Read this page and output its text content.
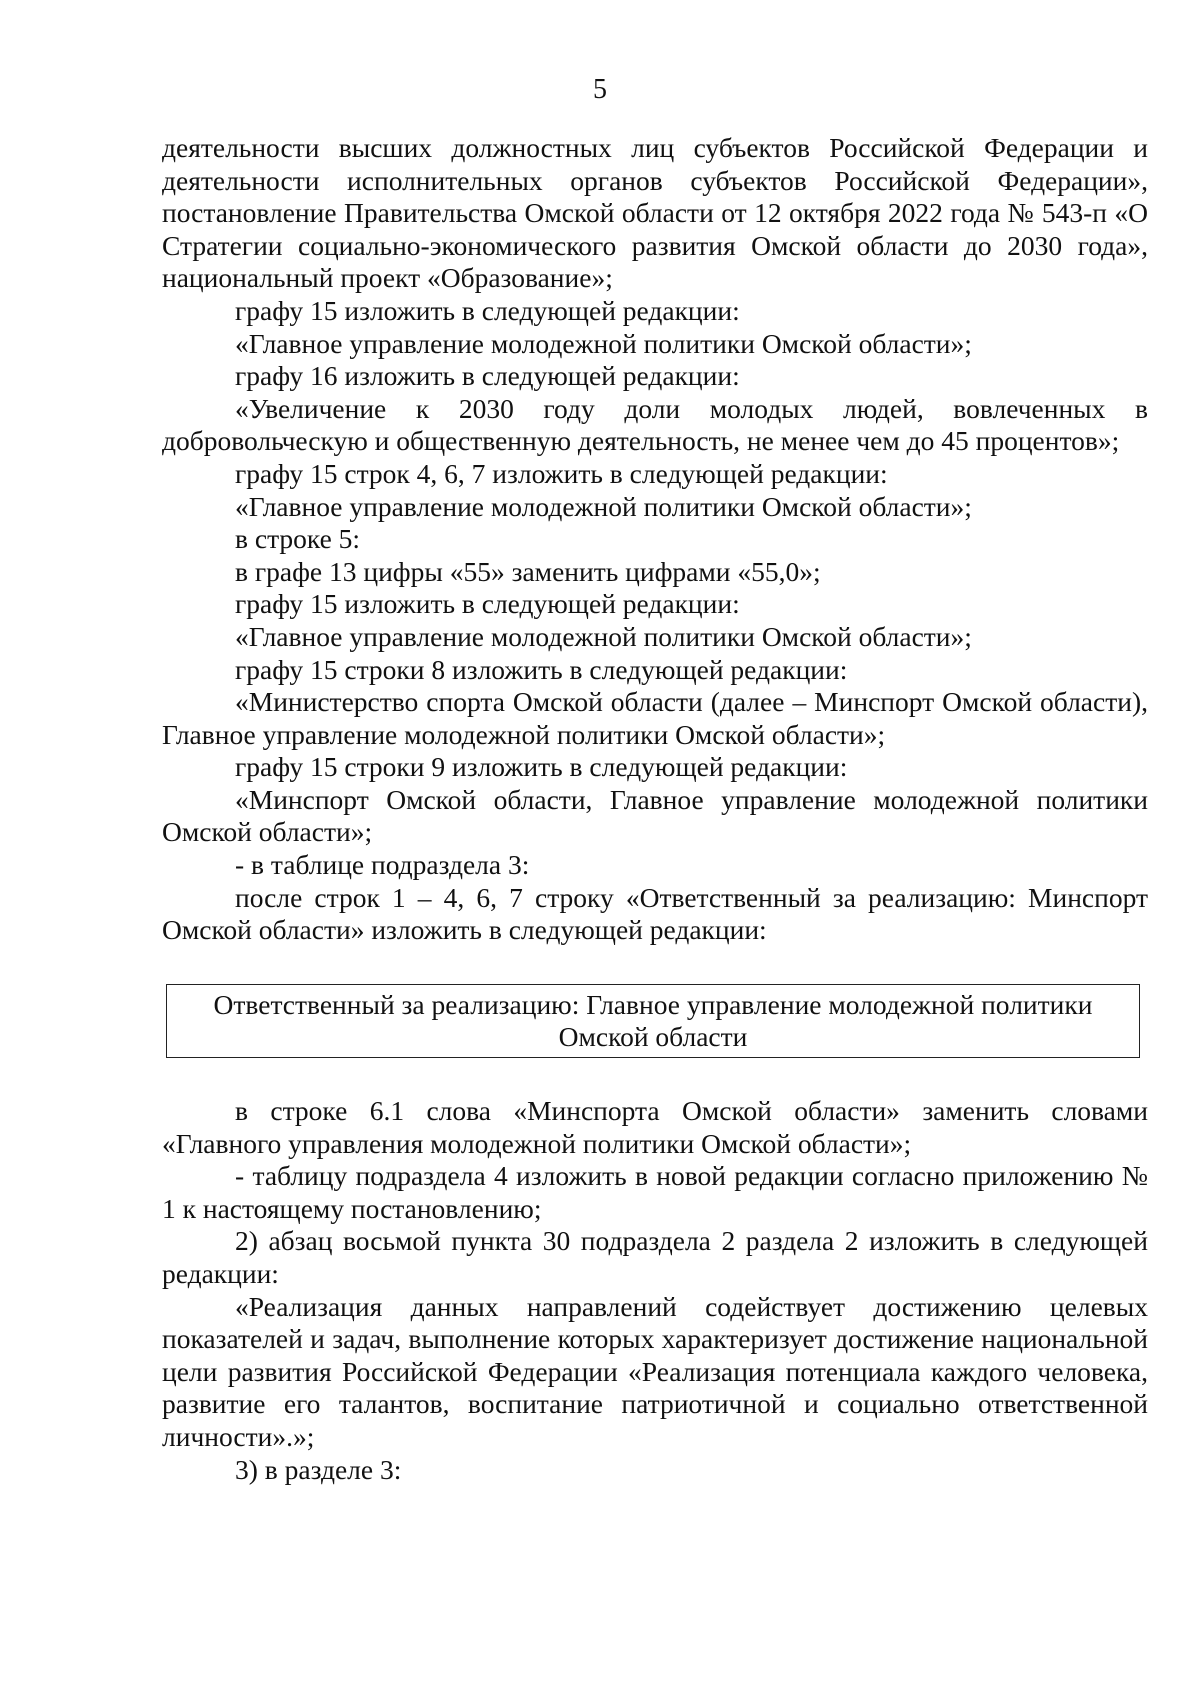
5
деятельности высших должностных лиц субъектов Российской Федерации и деятельности исполнительных органов субъектов Российской Федерации», постановление Правительства Омской области от 12 октября 2022 года № 543-п «О Стратегии социально-экономического развития Омской области до 2030 года», национальный проект «Образование»;
графу 15 изложить в следующей редакции:
«Главное управление молодежной политики Омской области»;
графу 16 изложить в следующей редакции:
«Увеличение к 2030 году доли молодых людей, вовлеченных в добровольческую и общественную деятельность, не менее чем до 45 процентов»;
графу 15 строк 4, 6, 7 изложить в следующей редакции:
«Главное управление молодежной политики Омской области»;
в строке 5:
в графе 13 цифры «55» заменить цифрами «55,0»;
графу 15 изложить в следующей редакции:
«Главное управление молодежной политики Омской области»;
графу 15 строки 8 изложить в следующей редакции:
«Министерство спорта Омской области (далее – Минспорт Омской области), Главное управление молодежной политики Омской области»;
графу 15 строки 9 изложить в следующей редакции:
«Минспорт Омской области, Главное управление молодежной политики Омской области»;
- в таблице подраздела 3:
после строк 1 – 4, 6, 7 строку «Ответственный за реализацию: Минспорт Омской области» изложить в следующей редакции:
Ответственный за реализацию: Главное управление молодежной политики Омской области
в строке 6.1 слова «Минспорта Омской области» заменить словами «Главного управления молодежной политики Омской области»;
- таблицу подраздела 4 изложить в новой редакции согласно приложению № 1 к настоящему постановлению;
2) абзац восьмой пункта 30 подраздела 2 раздела 2 изложить в следующей редакции:
«Реализация данных направлений содействует достижению целевых показателей и задач, выполнение которых характеризует достижение национальной цели развития Российской Федерации «Реализация потенциала каждого человека, развитие его талантов, воспитание патриотичной и социально ответственной личности».»;
3) в разделе 3:
